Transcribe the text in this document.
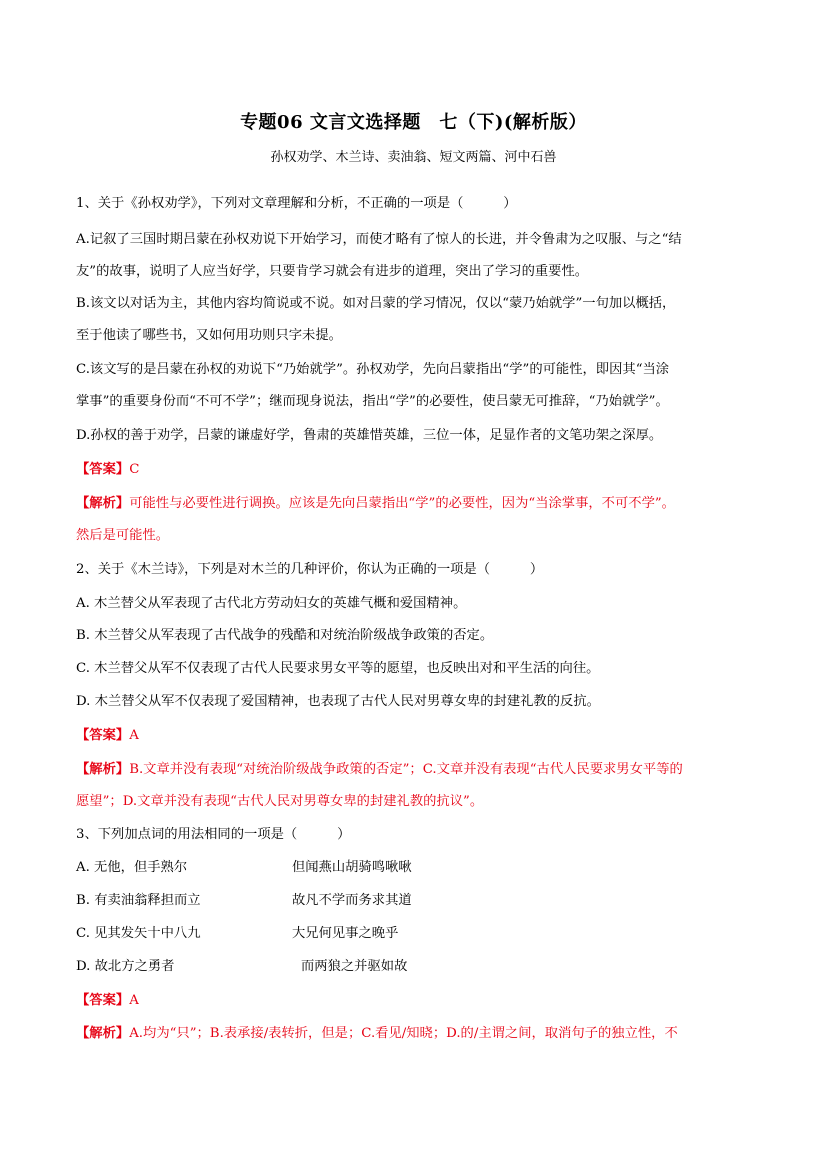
专题06 文言文选择题　七（下)(解析版）
孙权劝学、木兰诗、卖油翁、短文两篇、河中石兽
1、关于《孙权劝学》，下列对文章理解和分析，不正确的一项是（　　　）
A.记叙了三国时期吕蒙在孙权劝说下开始学习，而使才略有了惊人的长进，并令鲁肃为之叹服、与之“结
友”的故事，说明了人应当好学，只要肯学习就会有进步的道理，突出了学习的重要性。
B.该文以对话为主，其他内容均简说或不说。如对吕蒙的学习情况，仅以“蒙乃始就学”一句加以概括，
至于他读了哪些书，又如何用功则只字未提。
C.该文写的是吕蒙在孙权的劝说下“乃始就学”。孙权劝学，先向吕蒙指出“学”的可能性，即因其“当涂
掌事”的重要身份而“不可不学”；继而现身说法，指出“学”的必要性，使吕蒙无可推辞，“乃始就学”。
D.孙权的善于劝学，吕蒙的谦虚好学，鲁肃的英雄惜英雄，三位一体，足显作者的文笔功架之深厚。
【答案】C
【解析】可能性与必要性进行调换。应该是先向吕蒙指出“学”的必要性，因为“当涂掌事，不可不学”。
然后是可能性。
2、关于《木兰诗》，下列是对木兰的几种评价，你认为正确的一项是（　　　）
A. 木兰替父从军表现了古代北方劳动妇女的英雄气概和爱国精神。
B. 木兰替父从军表现了古代战争的残酷和对统治阶级战争政策的否定。
C. 木兰替父从军不仅表现了古代人民要求男女平等的愿望，也反映出对和平生活的向往。
D. 木兰替父从军不仅表现了爱国精神，也表现了古代人民对男尊女卑的封建礼教的反抗。
【答案】A
【解析】B.文章并没有表现“对统治阶级战争政策的否定”；C.文章并没有表现“古代人民要求男女平等的
愿望”；D.文章并没有表现“古代人民对男尊女卑的封建礼教的抗议”。
3、下列加点词的用法相同的一项是（　　　）
A. 无他，但手熟尔	但闻燕山胡骑鸣啾啾
B. 有卖油翁释担而立	故凡不学而务求其道
C. 见其发矢十中八九	大兄何见事之晚乎
D. 故北方之勇者	而两狼之并驱如故
【答案】A
【解析】A.均为“只”；B.表承接/表转折，但是；C.看见/知晓；D.的/主谓之间，取消句子的独立性，不
